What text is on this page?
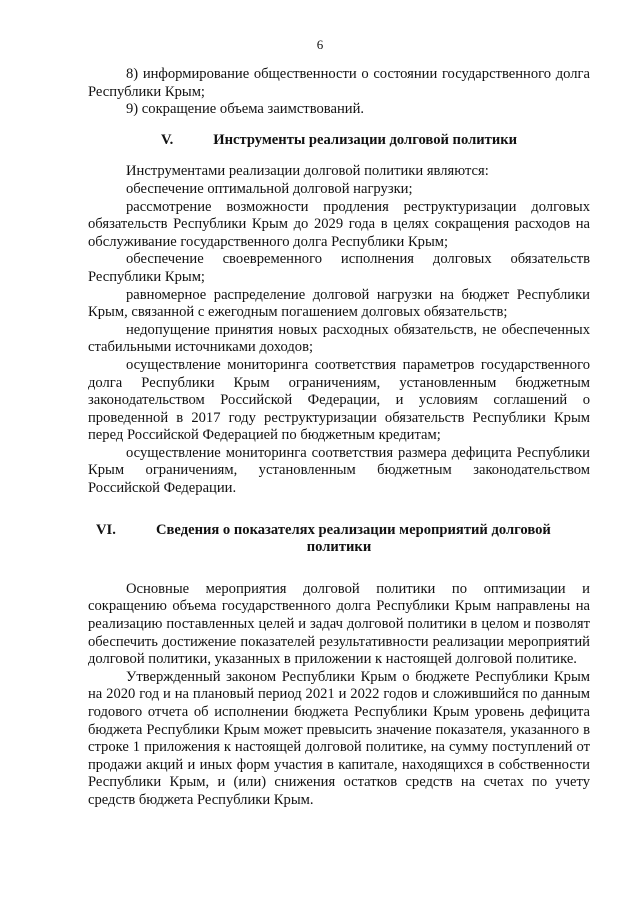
6

8) информирование общественности о состоянии государственного долга Республики Крым;

9) сокращение объема заимствований.

V.	Инструменты реализации долговой политики

Инструментами реализации долговой политики являются:

обеспечение оптимальной долговой нагрузки;

рассмотрение возможности продления реструктуризации долговых обязательств Республики Крым до 2029 года в целях сокращения расходов на обслуживание государственного долга Республики Крым;

обеспечение своевременного исполнения долговых обязательств Республики Крым;

равномерное распределение долговой нагрузки на бюджет Республики Крым, связанной с ежегодным погашением долговых обязательств;

недопущение принятия новых расходных обязательств, не обеспеченных стабильными источниками доходов;

осуществление мониторинга соответствия параметров государственного долга Республики Крым ограничениям, установленным бюджетным законодательством Российской Федерации, и условиям соглашений о проведенной в 2017 году реструктуризации обязательств Республики Крым перед Российской Федерацией по бюджетным кредитам;

осуществление мониторинга соответствия размера дефицита Республики Крым ограничениям, установленным бюджетным законодательством Российской Федерации.

VI.	Сведения о показателях реализации мероприятий долговой
политики

Основные мероприятия долговой политики по оптимизации и сокращению объема государственного долга Республики Крым направлены на реализацию поставленных целей и задач долговой политики в целом и позволят обеспечить достижение показателей результативности реализации мероприятий долговой политики, указанных в приложении к настоящей долговой политике.

Утвержденный законом Республики Крым о бюджете Республики Крым на 2020 год и на плановый период 2021 и 2022 годов и сложившийся по данным годового отчета об исполнении бюджета Республики Крым уровень дефицита бюджета Республики Крым может превысить значение показателя, указанного в строке 1 приложения к настоящей долговой политике, на сумму поступлений от продажи акций и иных форм участия в капитале, находящихся в собственности Республики Крым, и (или) снижения остатков средств на счетах по учету средств бюджета Республики Крым.
